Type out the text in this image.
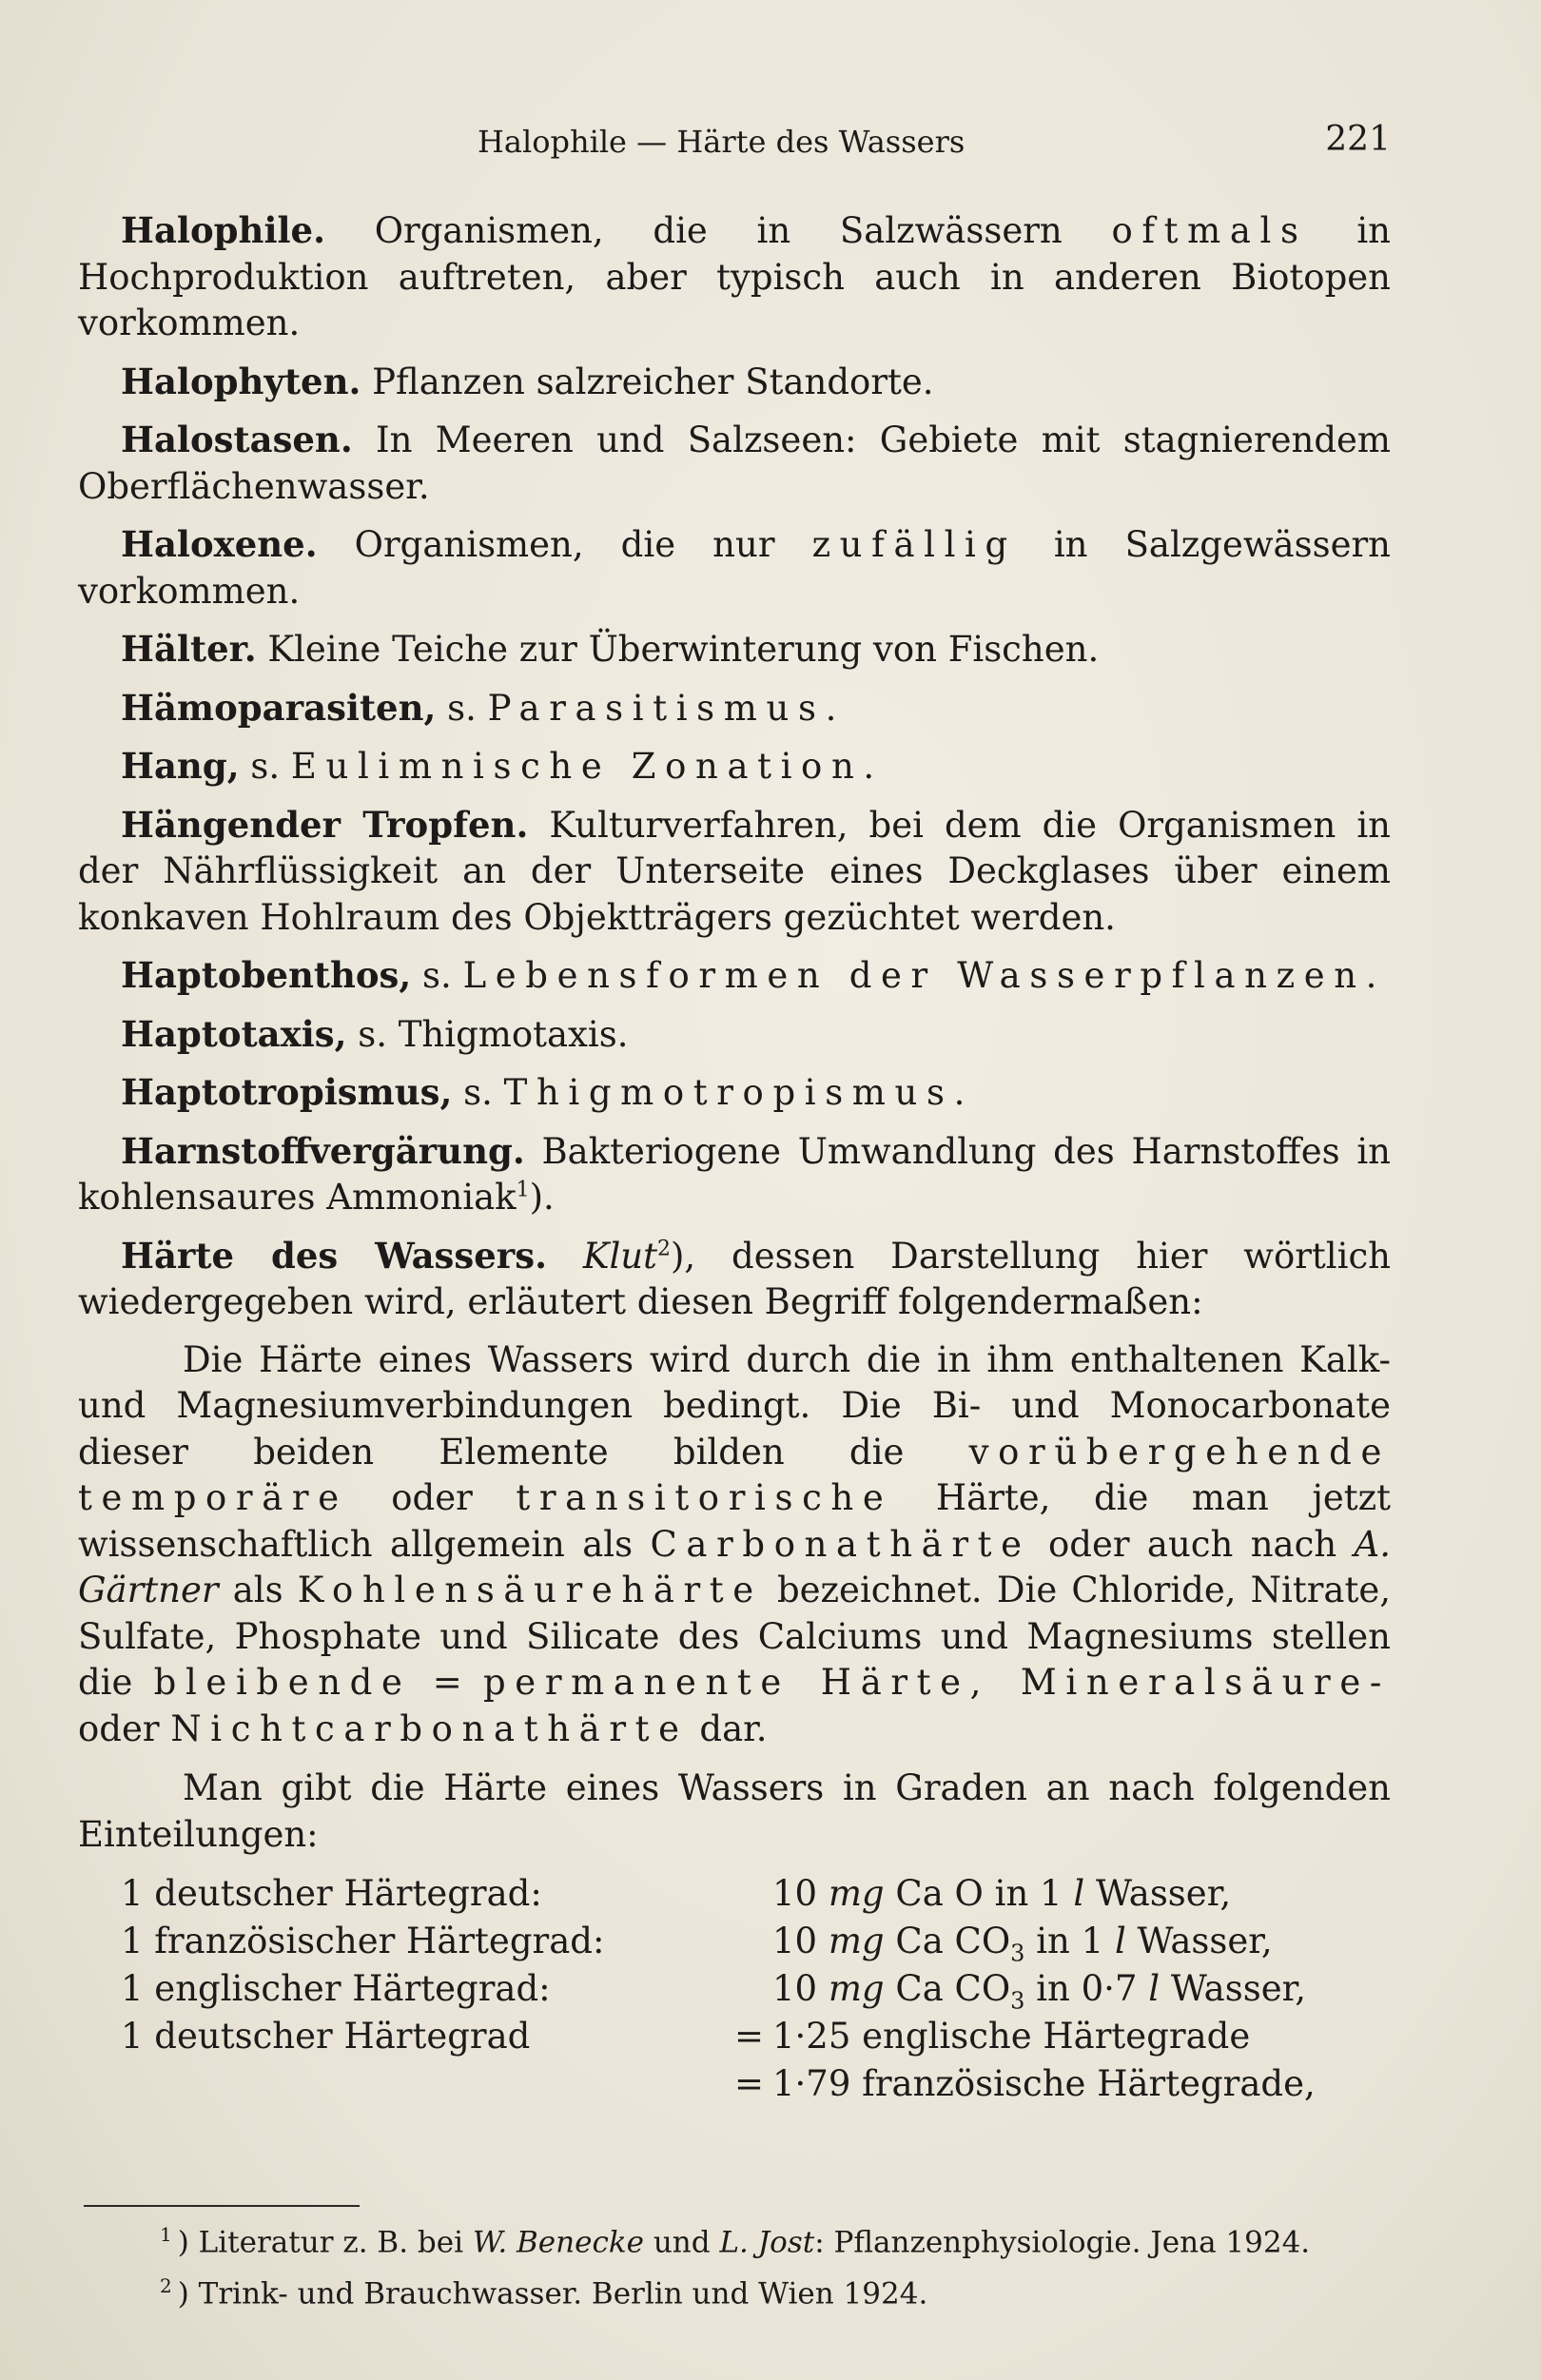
Halophile — Härte des Wassers	221

Halophile. Organismen, die in Salzwässern oftmals in Hochproduktion auftreten, aber typisch auch in anderen Biotopen vorkommen.

Halophyten. Pflanzen salzreicher Standorte.

Halostasen. In Meeren und Salzseen: Gebiete mit stagnierendem Oberflächenwasser.

Haloxene. Organismen, die nur zufällig in Salzgewässern vorkommen.

Hälter. Kleine Teiche zur Überwinterung von Fischen.

Hämoparasiten, s. Parasitismus.

Hang, s. Eulimnische Zonation.

Hängender Tropfen. Kulturverfahren, bei dem die Organismen in der Nährflüssigkeit an der Unterseite eines Deckglases über einem konkaven Hohlraum des Objektträgers gezüchtet werden.

Haptobenthos, s. Lebensformen der Wasserpflanzen.

Haptotaxis, s. Thigmotaxis.

Haptotropismus, s. Thigmotropismus.

Harnstoffvergärung. Bakteriogene Umwandlung des Harnstoffes in kohlensaures Ammoniak$^1$).

Härte des Wassers. Klut$^2$), dessen Darstellung hier wörtlich wiedergegeben wird, erläutert diesen Begriff folgendermaßen:

Die Härte eines Wassers wird durch die in ihm enthaltenen Kalk- und Magnesiumverbindungen bedingt. Die Bi- und Monocarbonate dieser beiden Elemente bilden die vorübergehende temporäre oder transitorische Härte, die man jetzt wissenschaftlich allgemein als Carbonathärte oder auch nach A. Gärtner als Kohlensäurehärte bezeichnet. Die Chloride, Nitrate, Sulfate, Phosphate und Silicate des Calciums und Magnesiums stellen die bleibende = permanente Härte, Mineralsäure- oder Nichtcarbonathärte dar.

Man gibt die Härte eines Wassers in Graden an nach folgenden Einteilungen:

1 deutscher Härtegrad:	10 mg Ca O in 1 l Wasser,
1 französischer Härtegrad:	10 mg Ca $CO_3$ in 1 l Wasser,
1 englischer Härtegrad:	10 mg Ca $CO_3$ in 0·7 l Wasser,
1 deutscher Härtegrad	= 1·25 englische Härtegrade
= 1·79 französische Härtegrade,
$^1$ ) Literatur z. B. bei W. Benecke und L. Jost: Pflanzenphysiologie. Jena 1924.
$^2$ ) Trink- und Brauchwasser. Berlin und Wien 1924.
